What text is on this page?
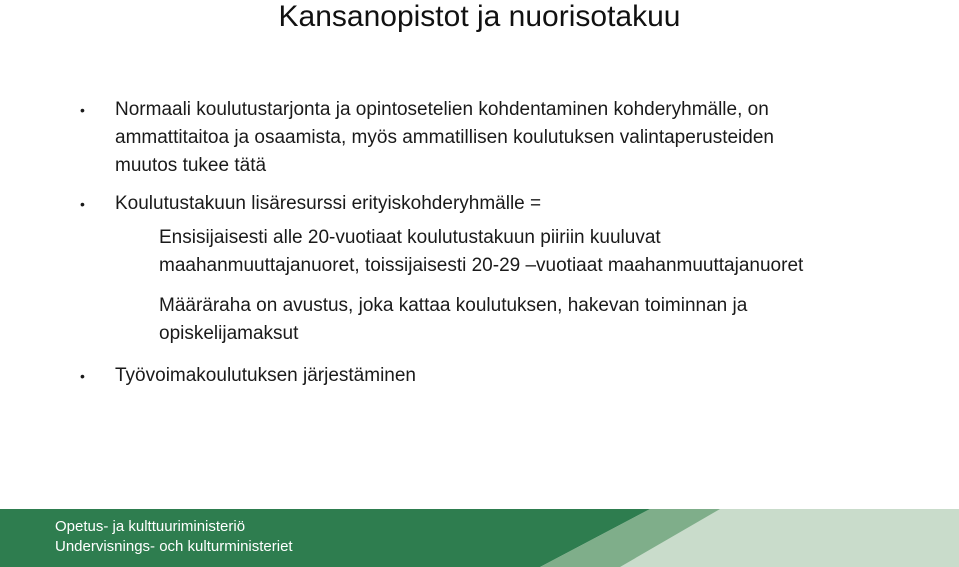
Kansanopistot ja nuorisotakuu
• Normaali koulutustarjonta ja opintosetelien kohdentaminen kohderyhmälle, on
ammattitaitoa ja osaamista, myös ammatillisen koulutuksen valintaperusteiden
muutos tukee tätä
• Koulutustakuun lisäresurssi erityiskohderyhmälle =
Ensisijaisesti alle 20-vuotiaat koulutustakuun piiriin kuuluvat
maahanmuuttajanuoret, toissijaisesti 20-29 –vuotiaat maahanmuuttajanuoret
Määräraha on avustus, joka kattaa koulutuksen, hakevan toiminnan ja
opiskelijamaksut
• Työvoimakoulutuksen järjestäminen
Opetus- ja kulttuuriministeriö
Undervisnings- och kulturministeriet
